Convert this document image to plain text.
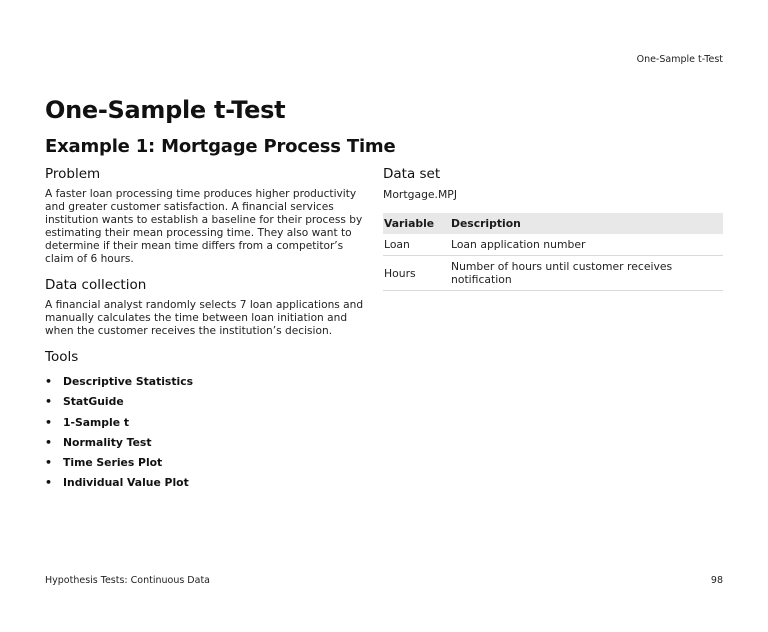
One-Sample t-Test
One-Sample t-Test
Example 1: Mortgage Process Time
Problem

A faster loan processing time produces higher productivity and greater customer satisfaction. A financial services institution wants to establish a baseline for their process by estimating their mean processing time. They also want to determine if their mean time differs from a competitor’s claim of 6 hours.

Data collection

A financial analyst randomly selects 7 loan applications and manually calculates the time between loan initiation and when the customer receives the institution’s decision.

Tools
• Descriptive Statistics
• StatGuide
• 1-Sample t
• Normality Test
• Time Series Plot
• Individual Value Plot
Data set
Mortgage.MPJ
Variable	Description
Loan	Loan application number
Hours	Number of hours until customer receives notification
Hypothesis Tests: Continuous Data	98
